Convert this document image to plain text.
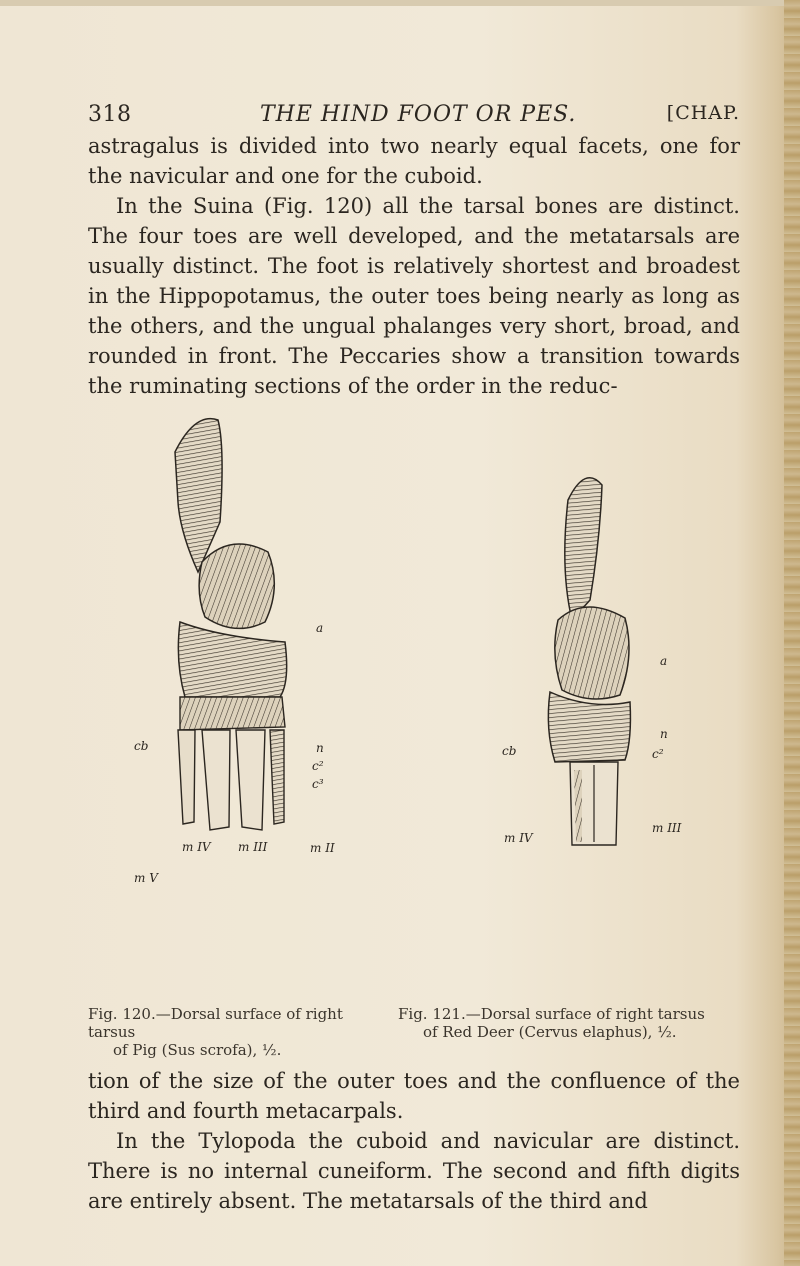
318	THE HIND FOOT OR PES.	[CHAP.

astragalus is divided into two nearly equal facets, one for the navicular and one for the cuboid.

In the Suina (Fig. 120) all the tarsal bones are distinct. The four toes are well developed, and the metatarsals are usually distinct. The foot is relatively shortest and broadest in the Hippopotamus, the outer toes being nearly as long as the others, and the ungual phalanges very short, broad, and rounded in front. The Peccaries show a transition towards the ruminating sections of the order in the reduc-

a
cb	n
c²
c³
m V
m II
m IV m III
a
cb
n
c²
m IV
m III
Fig. 120.—Dorsal surface of right tarsus
of Pig (Sus scrofa), ½.
Fig. 121.—Dorsal surface of right tarsus
of Red Deer (Cervus elaphus), ½.

tion of the size of the outer toes and the confluence of the third and fourth metacarpals.

In the Tylopoda the cuboid and navicular are distinct. There is no internal cuneiform. The second and fifth digits are entirely absent. The metatarsals of the third and
